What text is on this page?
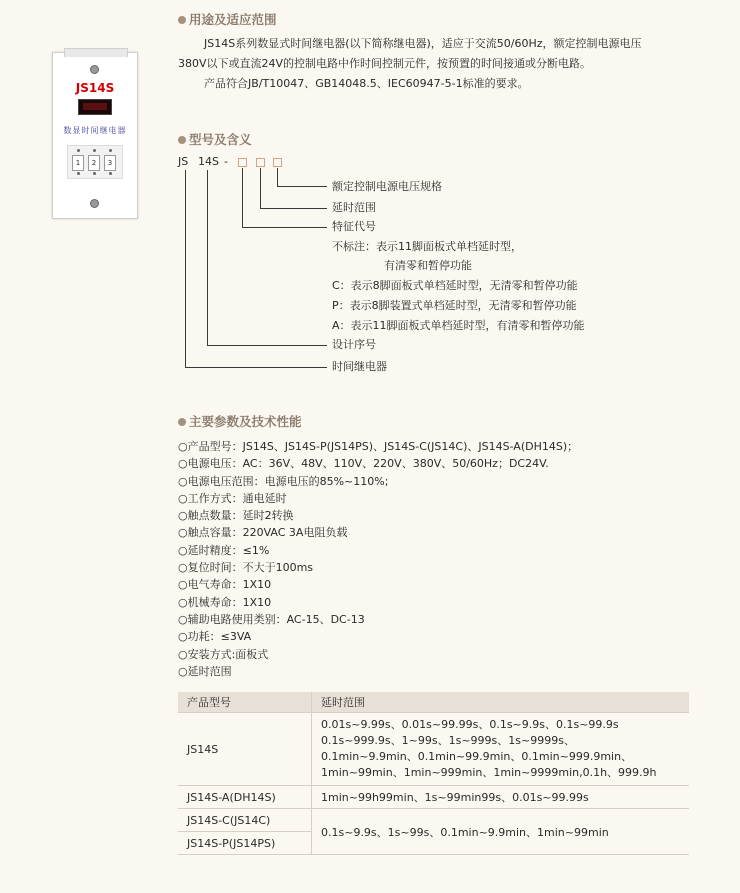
用途及适应范围
JS14S系列数显式时间继电器(以下简称继电器)，适应于交流50/60Hz，额定控制电源电压
380V以下或直流24V的控制电路中作时间控制元件，按预置的时间接通或分断电路。
产品符合JB/T10047、GB14048.5、IEC60947-5-1标准的要求。
JS14S
数显时间继电器
1	2	3
型号及含义
JS 14S -
额定控制电源电压规格
延时范围
特征代号
不标注：表示11脚面板式单档延时型，
有清零和暂停功能
C：表示8脚面板式单档延时型，无清零和暂停功能
P：表示8脚装置式单档延时型，无清零和暂停功能
A：表示11脚面板式单档延时型，有清零和暂停功能
设计序号
时间继电器
主要参数及技术性能
○产品型号：JS14S、JS14S-P(JS14PS)、JS14S-C(JS14C)、JS14S-A(DH14S)；
○电源电压：AC：36V、48V、110V、220V、380V、50/60Hz；DC24V.
○电源电压范围：电源电压的85%~110%;
○工作方式：通电延时
○触点数量：延时2转换
○触点容量：220VAC 3A电阻负载
○延时精度：≤1%
○复位时间：不大于100ms
○电气寿命：1X10
○机械寿命：1X10
○辅助电路使用类别：AC-15、DC-13
○功耗：≤3VA
○安装方式:面板式
○延时范围
产品型号	延时范围
JS14S	0.01s~9.99s、0.01s~99.99s、0.1s~9.9s、0.1s~99.9s
0.1s~999.9s、1~99s、1s~999s、1s~9999s、
0.1min~9.9min、0.1min~99.9min、0.1min~999.9min、
1min~99min、1min~999min、1min~9999min,0.1h、999.9h

JS14S-A(DH14S)	1min~99h99min、1s~99min99s、0.01s~99.99s
JS14S-C(JS14C)	0.1s~9.9s、1s~99s、0.1min~9.9min、1min~99min
JS14S-P(JS14PS)	
